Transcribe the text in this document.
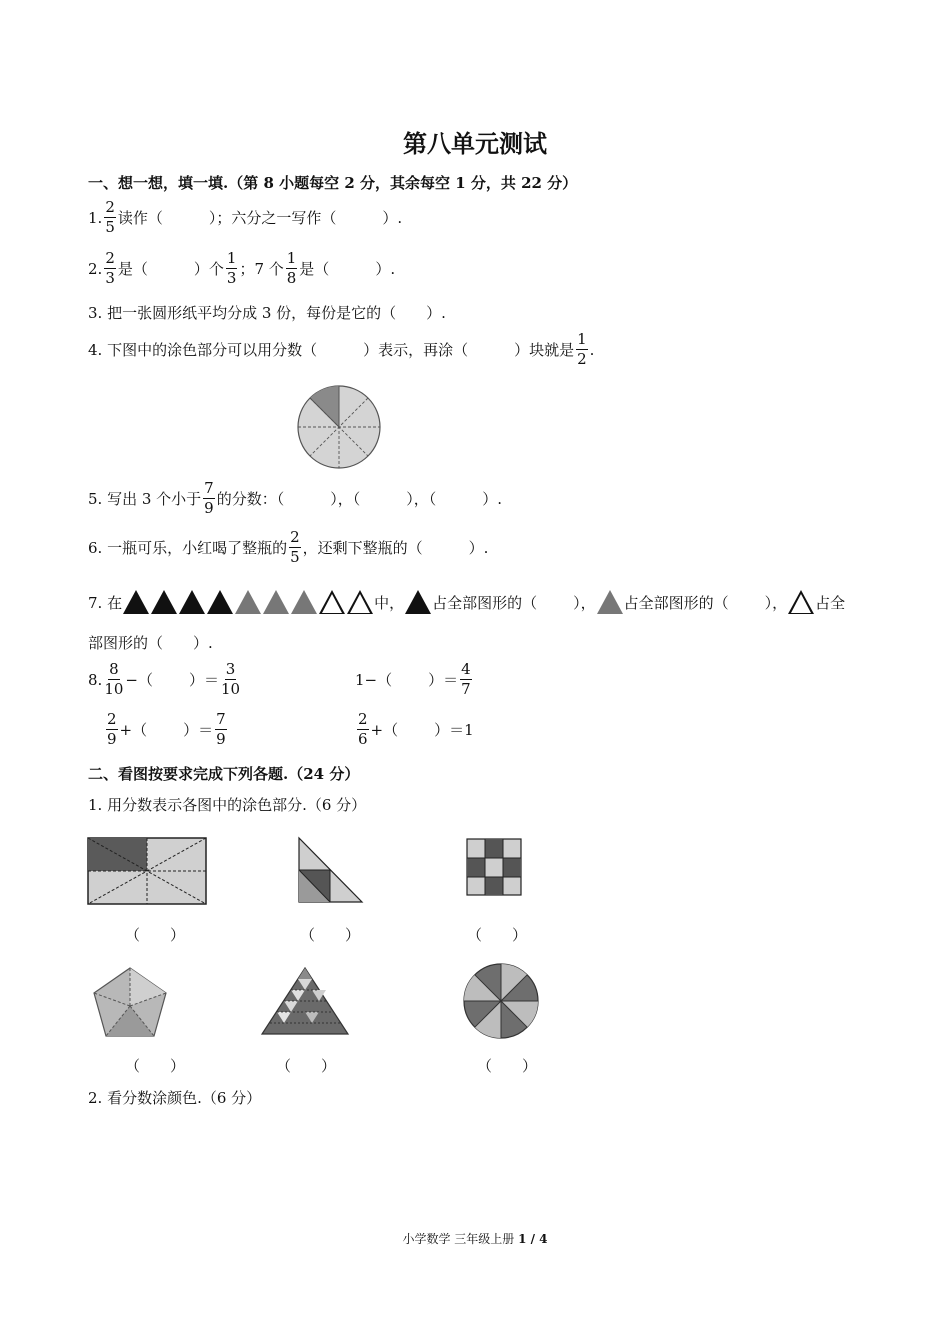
第八单元测试
一、想一想，填一填.（第 8 小题每空 2 分，其余每空 1 分，共 22 分）
1. $\frac{2}{5}$ 读作（	）；六分之一写作（	）.
2. $\frac{2}{3}$ 是（	）个 $\frac{1}{3}$ ；7 个 $\frac{1}{8}$ 是（	）.
3. 把一张圆形纸平均分成 3 份，每份是它的（　　）.
4. 下图中的涂色部分可以用分数（	）表示，再涂（	）块就是 $\frac{1}{2}$ .
5. 写出 3 个小于 $\frac{7}{9}$ 的分数：（	），（	），（	）.
6. 一瓶可乐，小红喝了整瓶的 $\frac{2}{5}$ ，还剩下整瓶的（	）.
7. 在	中， 占全部图形的（ ）， 占全部图形的（ ）， 占全
部图形的（　　）.
8. $\frac{8}{10}$ −（ ）＝ $\frac{3}{10}$	1−（ ）＝ $\frac{4}{7}$
$\frac{2}{9}$ +（ ）＝ $\frac{7}{9}$	$\frac{2}{6}$ +（ ）＝1
二、看图按要求完成下列各题.（24 分）
1. 用分数表示各图中的涂色部分.（6 分）
（　　）	（　　）	（　　）
（　　）	（　　）	（　　）
2. 看分数涂颜色.（6 分）
小学数学 三年级上册 1 / 4
